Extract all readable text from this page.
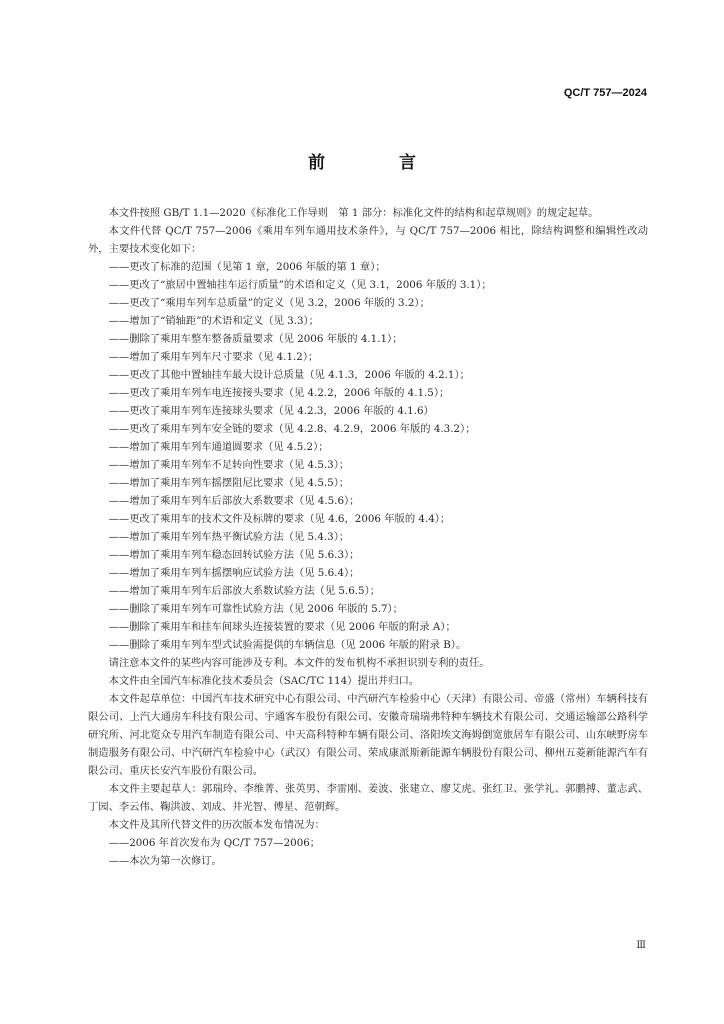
QC/T 757—2024
前 言

本文件按照 GB/T 1.1—2020《标准化工作导则　第 1 部分：标准化文件的结构和起草规则》的规定起草。

本文件代替 QC/T 757—2006《乘用车列车通用技术条件》，与 QC/T 757—2006 相比，除结构调整和编辑性改动外，主要技术变化如下：

——更改了标准的范围（见第 1 章，2006 年版的第 1 章）；
——更改了“旅居中置轴挂车运行质量”的术语和定义（见 3.1，2006 年版的 3.1）；
——更改了“乘用车列车总质量”的定义（见 3.2，2006 年版的 3.2）；
——增加了“销轴距”的术语和定义（见 3.3）；
——删除了乘用车整车整备质量要求（见 2006 年版的 4.1.1）；
——增加了乘用车列车尺寸要求（见 4.1.2）；
——更改了其他中置轴挂车最大设计总质量（见 4.1.3，2006 年版的 4.2.1）；
——更改了乘用车列车电连接接头要求（见 4.2.2，2006 年版的 4.1.5）；
——更改了乘用车列车连接球头要求（见 4.2.3，2006 年版的 4.1.6）
——更改了乘用车列车安全链的要求（见 4.2.8、4.2.9，2006 年版的 4.3.2）；
——增加了乘用车列车通道圆要求（见 4.5.2）；
——增加了乘用车列车不足转向性要求（见 4.5.3）；
——增加了乘用车列车摇摆阻尼比要求（见 4.5.5）；
——增加了乘用车列车后部放大系数要求（见 4.5.6）；
——更改了乘用车的技术文件及标牌的要求（见 4.6，2006 年版的 4.4）；
——增加了乘用车列车热平衡试验方法（见 5.4.3）；
——增加了乘用车列车稳态回转试验方法（见 5.6.3）；
——增加了乘用车列车摇摆响应试验方法（见 5.6.4）；
——增加了乘用车列车后部放大系数试验方法（见 5.6.5）；
——删除了乘用车列车可靠性试验方法（见 2006 年版的 5.7）；
——删除了乘用车和挂车间球头连接装置的要求（见 2006 年版的附录 A）；
——删除了乘用车列车型式试验需提供的车辆信息（见 2006 年版的附录 B）。

请注意本文件的某些内容可能涉及专利。本文件的发布机构不承担识别专利的责任。

本文件由全国汽车标准化技术委员会（SAC/TC 114）提出并归口。

本文件起草单位：中国汽车技术研究中心有限公司、中汽研汽车检验中心（天津）有限公司、帝盛（常州）车辆科技有限公司、上汽大通房车科技有限公司、宇通客车股份有限公司、安徽奇瑞瑞弗特种车辆技术有限公司、交通运输部公路科学研究所、河北览众专用汽车制造有限公司、中天高科特种车辆有限公司、洛阳埃文海姆倒宽旅居车有限公司、山东峡野房车制造服务有限公司、中汽研汽车检验中心（武汉）有限公司、荣成康派斯新能源车辆股份有限公司、柳州五菱新能源汽车有限公司、重庆长安汽车股份有限公司。

本文件主要起草人：郭瑞玲、李维菁、张英男、李雷刚、姜波、张建立、廖艾虎、张红卫、张学礼、郭鹏搏、董志武、丁园、李云伟、鞠洪波、刘成、井光智、傅星、范朝辉。

本文件及其所代替文件的历次版本发布情况为：

——2006 年首次发布为 QC/T 757—2006；
——本次为第一次修订。
Ⅲ
